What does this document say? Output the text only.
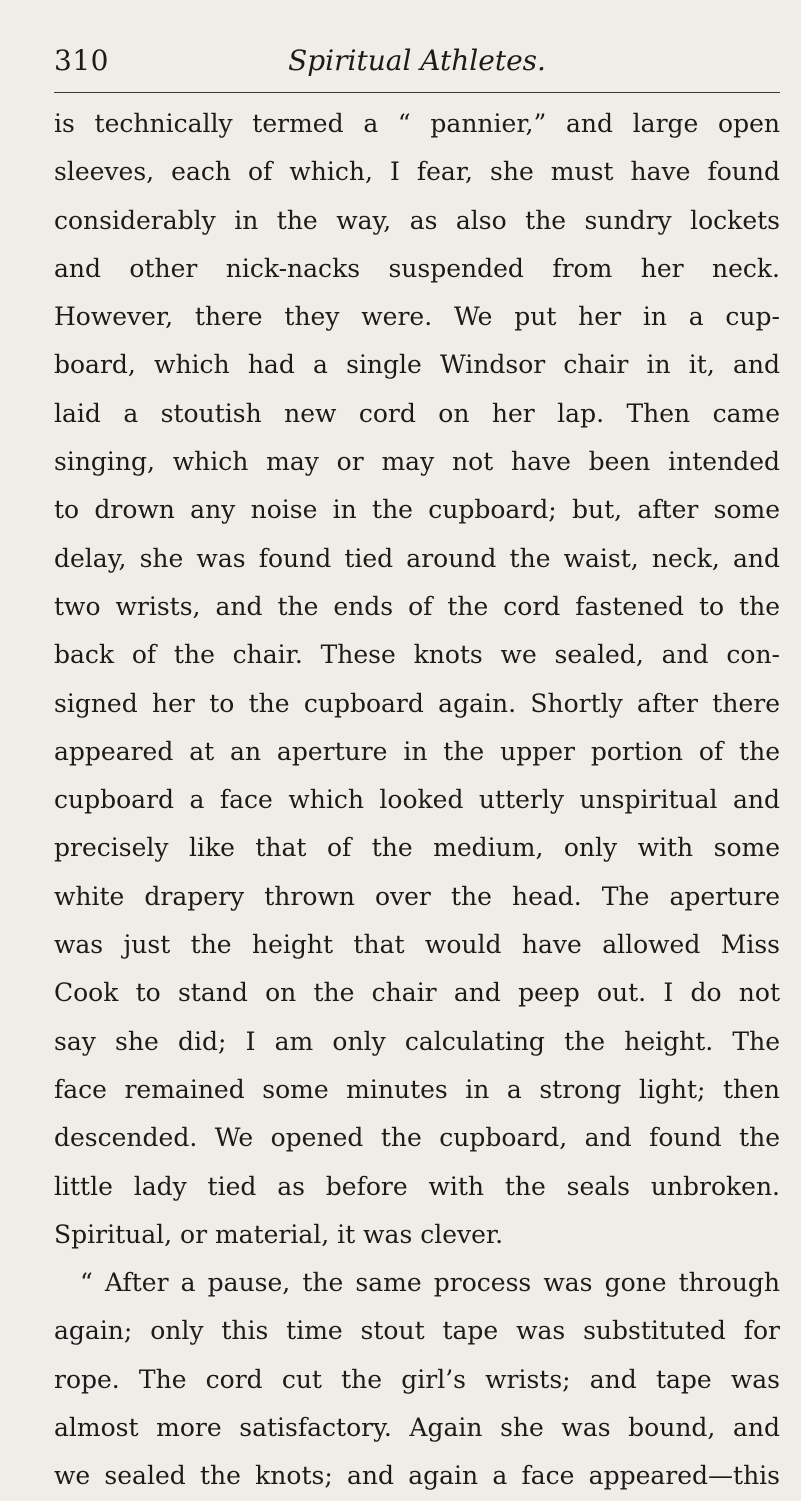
310	Spiritual Athletes.
is technically termed a “ pannier,” and large open
sleeves, each of which, I fear, she must have found
considerably in the way, as also the sundry lockets
and other nick-nacks suspended from her neck.
However, there they were. We put her in a cup-
board, which had a single Windsor chair in it, and
laid a stoutish new cord on her lap. Then came
singing, which may or may not have been intended
to drown any noise in the cupboard; but, after some
delay, she was found tied around the waist, neck, and
two wrists, and the ends of the cord fastened to the
back of the chair. These knots we sealed, and con-
signed her to the cupboard again. Shortly after there
appeared at an aperture in the upper portion of the
cupboard a face which looked utterly unspiritual and
precisely like that of the medium, only with some
white drapery thrown over the head. The aperture
was just the height that would have allowed Miss
Cook to stand on the chair and peep out. I do not
say she did; I am only calculating the height. The
face remained some minutes in a strong light; then
descended. We opened the cupboard, and found the
little lady tied as before with the seals unbroken.
Spiritual, or material, it was clever.
“ After a pause, the same process was gone through
again; only this time stout tape was substituted for
rope. The cord cut the girl’s wrists; and tape was
almost more satisfactory. Again she was bound, and
we sealed the knots; and again a face appeared—this
